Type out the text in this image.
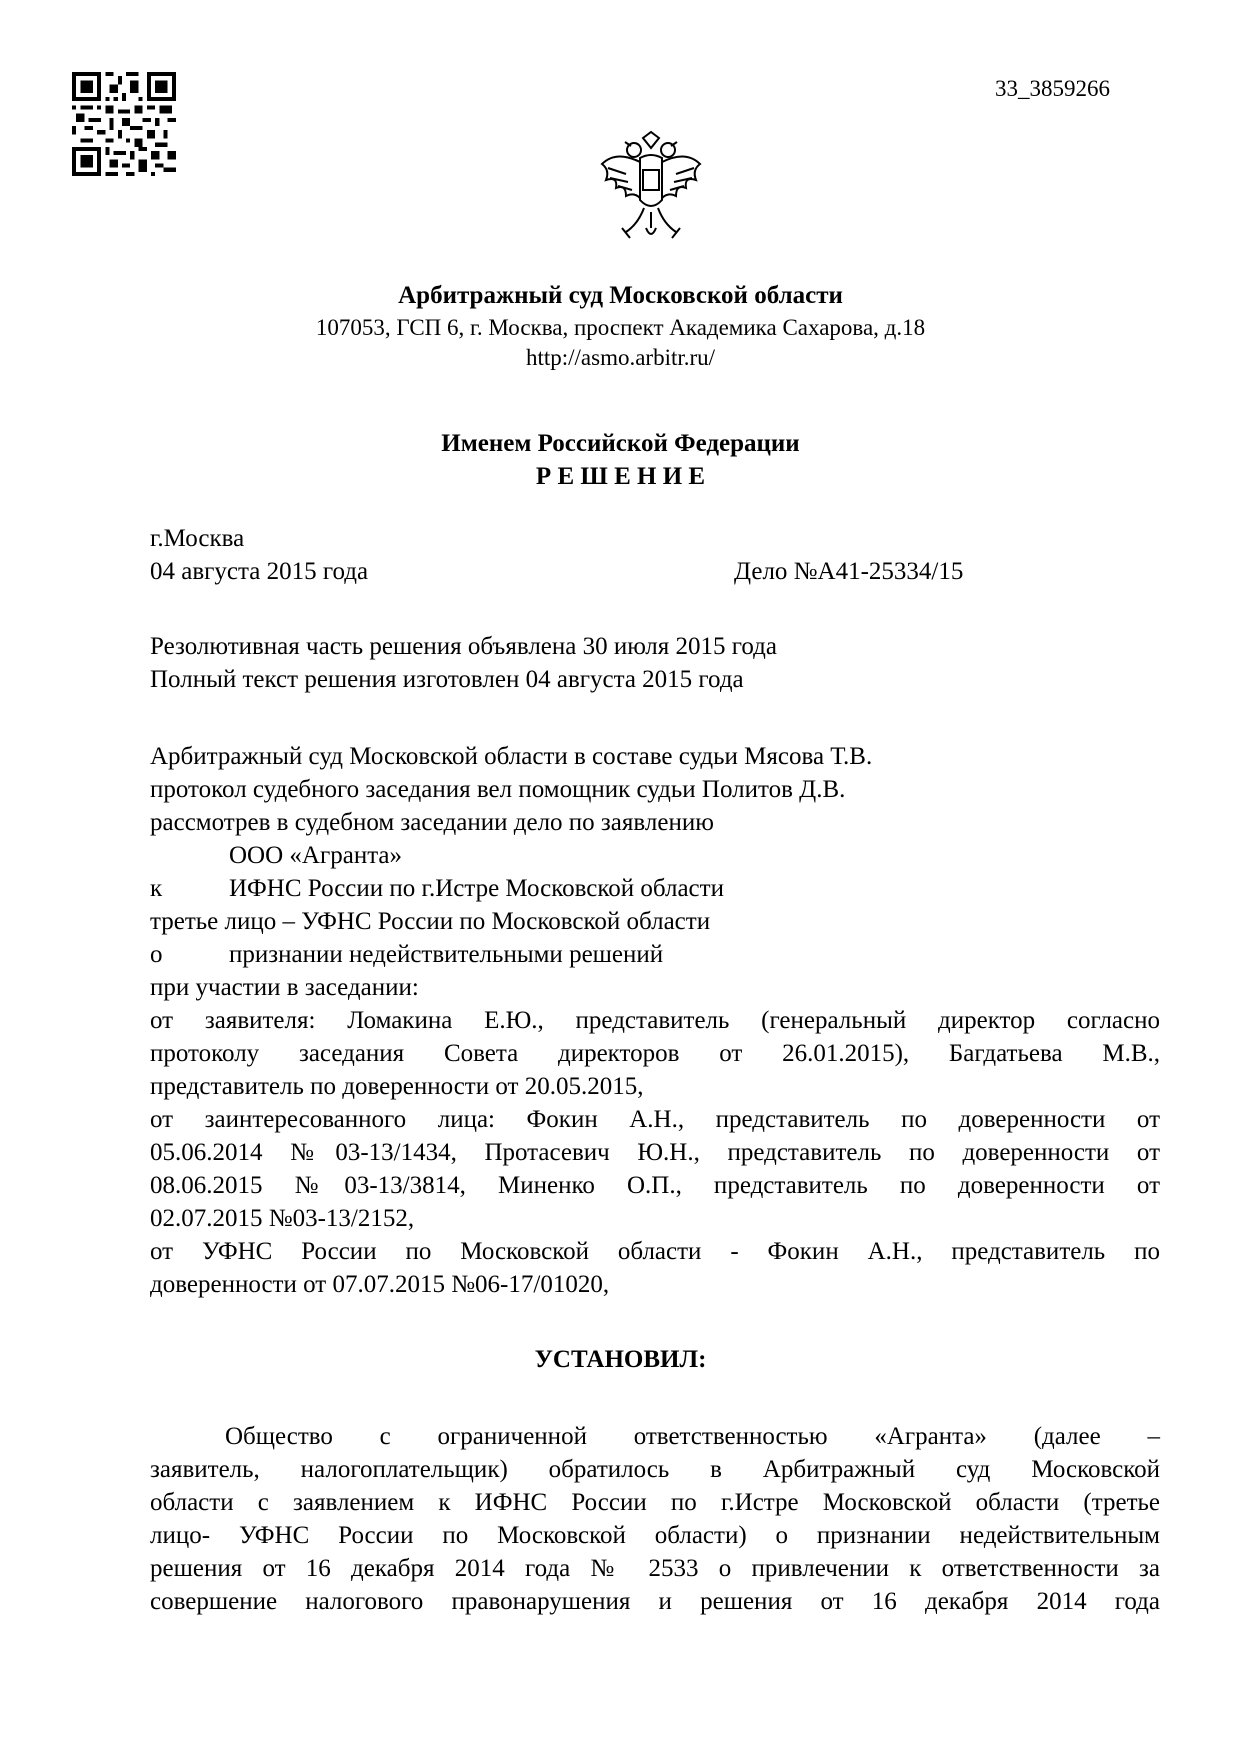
33_3859266
Арбитражный суд Московской области
107053, ГСП 6, г. Москва, проспект Академика Сахарова, д.18
http://asmo.arbitr.ru/
Именем Российской Федерации
Р Е Ш Е Н И Е
г.Москва
04 августа 2015 года	Дело №А41-25334/15
Резолютивная часть решения объявлена 30 июля 2015 года
Полный текст решения изготовлен 04 августа 2015 года
Арбитражный суд Московской области в составе судьи Мясова Т.В.
протокол судебного заседания вел помощник судьи Политов Д.В.
рассмотрев в судебном заседании дело по заявлению
ООО «Агранта»
к	ИФНС России по г.Истре Московской области
третье лицо – УФНС России по Московской области
о	признании недействительными решений
при участии в заседании:
от заявителя: Ломакина Е.Ю., представитель (генеральный директор согласно
протоколу заседания Совета директоров от 26.01.2015), Багдатьева М.В.,
представитель по доверенности от 20.05.2015,
от заинтересованного лица: Фокин А.Н., представитель по доверенности от
05.06.2014 №03-13/1434, Протасевич Ю.Н., представитель по доверенности от
08.06.2015 №03-13/3814, Миненко О.П., представитель по доверенности от
02.07.2015 №03-13/2152,
от УФНС России по Московской области - Фокин А.Н., представитель по
доверенности от 07.07.2015 №06-17/01020,
УСТАНОВИЛ:
Общество с ограниченной ответственностью «Агранта» (далее –
заявитель, налогоплательщик) обратилось в Арбитражный суд Московской
области с заявлением к ИФНС России по г.Истре Московской области (третье
лицо- УФНС России по Московской области) о признании недействительным
решения от 16 декабря 2014 года № 2533 о привлечении к ответственности за
совершение налогового правонарушения и решения от 16 декабря 2014 года
